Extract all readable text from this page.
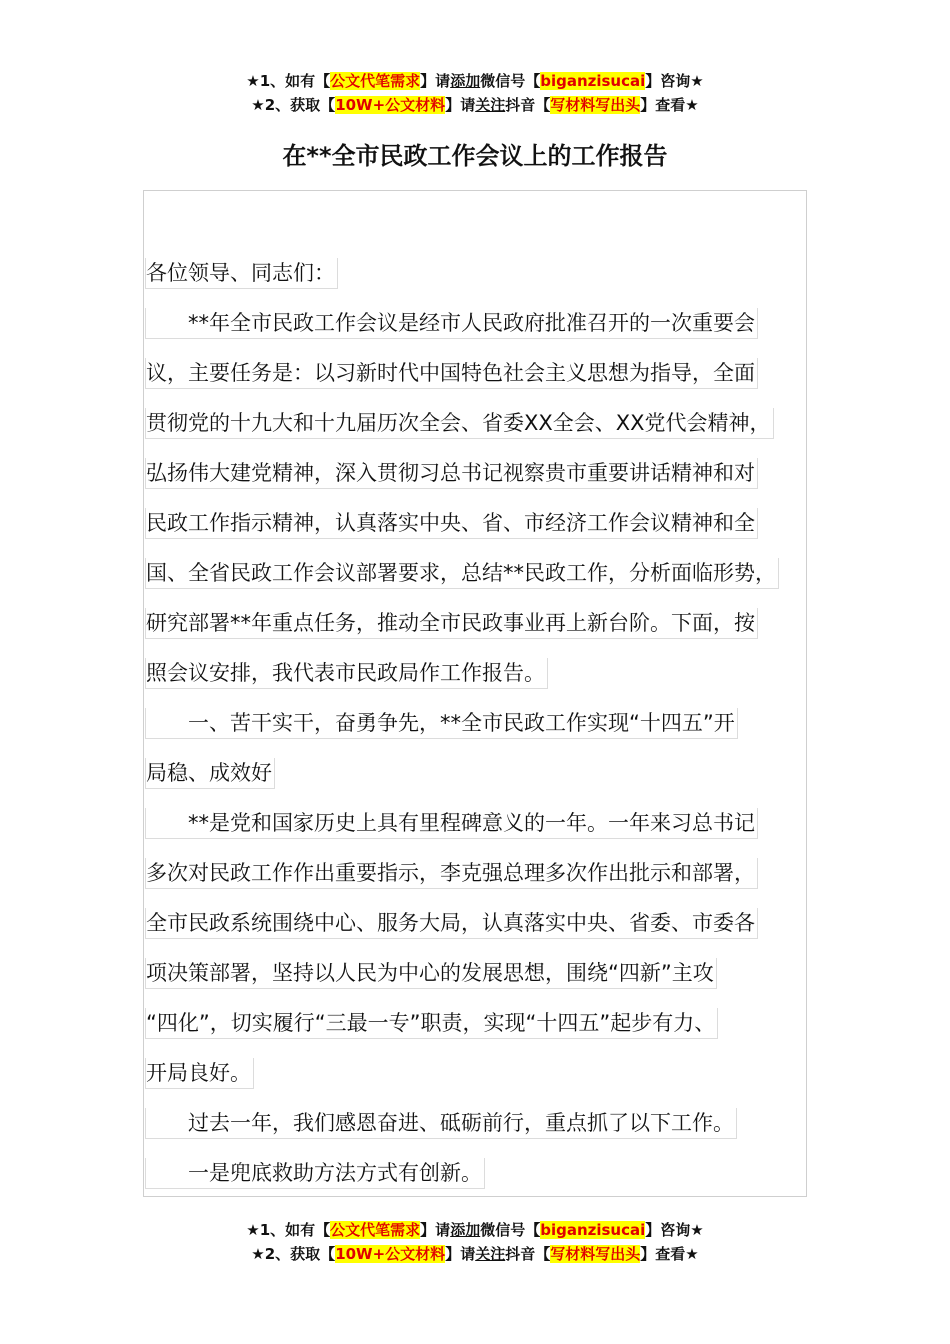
★1、如有【公文代笔需求】请添加微信号【biganzisucai】咨询★
★2、获取【10W+公文材料】请关注抖音【写材料写出头】查看★
在**全市民政工作会议上的工作报告
各位领导、同志们：
　　**年全市民政工作会议是经市人民政府批准召开的一次重要会
议，主要任务是：以习新时代中国特色社会主义思想为指导，全面
贯彻党的十九大和十九届历次全会、省委XX全会、XX党代会精神，
弘扬伟大建党精神，深入贯彻习总书记视察贵市重要讲话精神和对
民政工作指示精神，认真落实中央、省、市经济工作会议精神和全
国、全省民政工作会议部署要求，总结**民政工作，分析面临形势，
研究部署**年重点任务，推动全市民政事业再上新台阶。下面，按
照会议安排，我代表市民政局作工作报告。
　　一、苦干实干，奋勇争先，**全市民政工作实现“十四五”开
局稳、成效好
　　**是党和国家历史上具有里程碑意义的一年。一年来习总书记
多次对民政工作作出重要指示，李克强总理多次作出批示和部署，
全市民政系统围绕中心、服务大局，认真落实中央、省委、市委各
项决策部署，坚持以人民为中心的发展思想，围绕“四新”主攻
“四化”，切实履行“三最一专”职责，实现“十四五”起步有力、
开局良好。
　　过去一年，我们感恩奋进、砥砺前行，重点抓了以下工作。
　　一是兜底救助方法方式有创新。
★1、如有【公文代笔需求】请添加微信号【biganzisucai】咨询★
★2、获取【10W+公文材料】请关注抖音【写材料写出头】查看★
